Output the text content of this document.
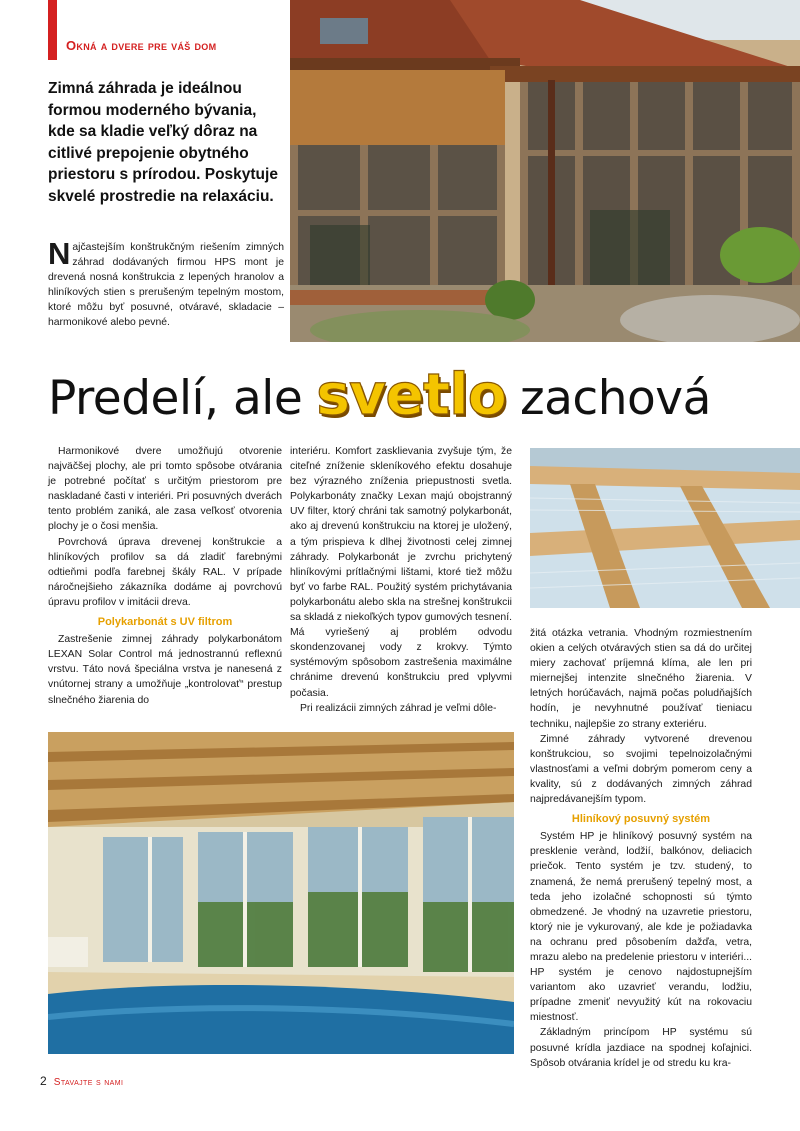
Okná a dvere pre váš dom

Zimná záhrada je ideálnou formou moderného bývania, kde sa kladie veľký dôraz na citlivé prepojenie obytného priestoru s prírodou. Poskytuje skvelé prostredie na relaxáciu.

Najčastejším konštrukčným riešením zimných záhrad dodávaných firmou HPS mont je drevená nosná konštrukcia z lepených hranolov a hliníkových stien s prerušeným tepelným mostom, ktoré môžu byť posuvné, otváravé, skladacie – harmonikové alebo pevné.

Predelí, ale svetlo zachová

Harmonikové dvere umožňujú otvorenie najväčšej plochy, ale pri tomto spôsobe otvárania je potrebné počítať s určitým priestorom pre naskladané časti v interiéri. Pri posuvných dverách tento problém zaniká, ale zasa veľkosť otvorenia plochy je o čosi menšia.

Povrchová úprava drevenej konštrukcie a hliníkových profilov sa dá zladiť farebnými odtieňmi podľa farebnej škály RAL. V prípade náročnejšieho zákazníka dodáme aj povrchovú úpravu profilov v imitácii dreva.

Polykarbonát s UV filtrom

Zastrešenie zimnej záhrady polykarbonátom LEXAN Solar Control má jednostrannú reflexnú vrstvu. Táto nová špeciálna vrstva je nanesená z vnútornej strany a umožňuje „kontrolovať“ prestup slnečného žiarenia do

interiéru. Komfort zasklievania zvyšuje tým, že citeľné zníženie skleníkového efektu dosahuje bez výrazného zníženia priepustnosti svetla. Polykarbonáty značky Lexan majú obojstranný UV filter, ktorý chráni tak samotný polykarbonát, ako aj drevenú konštrukciu na ktorej je uložený, a tým prispieva k dlhej životnosti celej zimnej záhrady. Polykarbonát je zvrchu prichytený hliníkovými prítlačnými lištami, ktoré tiež môžu byť vo farbe RAL. Použitý systém prichytávania polykarbonátu alebo skla na strešnej konštrukcii sa skladá z niekoľkých typov gumových tesnení. Má vyriešený aj problém odvodu skondenzovanej vody z krokvy. Týmto systémovým spôsobom zastrešenia maximálne chránime drevenú konštrukciu pred vplyvmi počasia.

Pri realizácii zimných záhrad je veľmi dôle-

žitá otázka vetrania. Vhodným rozmiestnením okien a celých otváravých stien sa dá do určitej miery zachovať príjemná klíma, ale len pri miernejšej intenzite slnečného žiarenia. V letných horúčavách, najmä počas poludňajších hodín, je nevyhnutné používať tieniacu techniku, najlepšie zo strany exteriéru.

Zimné záhrady vytvorené drevenou konštrukciou, so svojimi tepelnoizolačnými vlastnosťami a veľmi dobrým pomerom ceny a kvality, sú z dodávaných zimných záhrad najpredávanejším typom.

Hliníkový posuvný systém

Systém HP je hliníkový posuvný systém na presklenie verànd, lodžií, balkónov, deliacich priečok. Tento systém je tzv. studený, to znamená, že nemá prerušený tepelný most, a teda jeho izolačné schopnosti sú týmto obmedzené. Je vhodný na uzavretie priestoru, ktorý nie je vykurovaný, ale kde je požiadavka na ochranu pred pôsobením dažďa, vetra, mrazu alebo na predelenie priestoru v interiéri... HP systém je cenovo najdostupnejším variantom ako uzavrieť verandu, lodžiu, prípadne zmeniť nevyužitý kút na rokovaciu miestnosť.

Základným princípom HP systému sú posuvné krídla jazdiace na spodnej koľajnici. Spôsob otvárania krídel je od stredu ku kra-

2 Stavajte s nami
